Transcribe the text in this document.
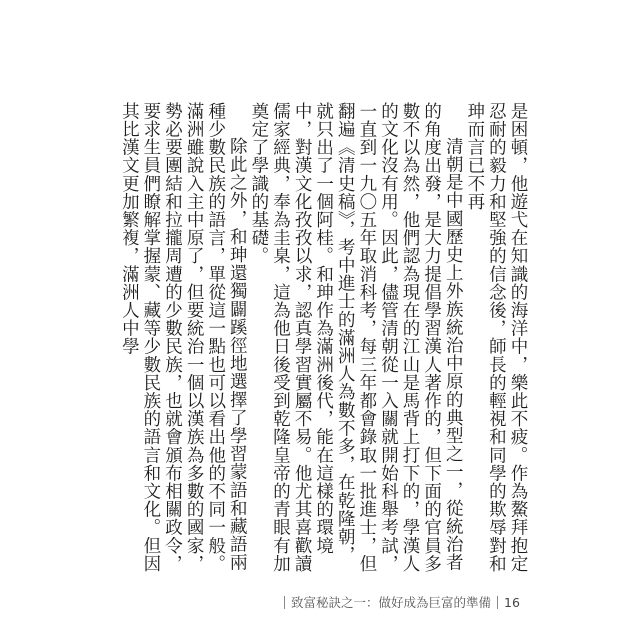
是困頓，他遊弋在知識的海洋中，樂此不疲。作為鰲拜抱定忍耐的毅力和堅強的信念後，師長的輕視和同學的欺辱對和珅而言已不再

清朝是中國歷史上外族統治中原的典型之一，從統治者的角度出發，是大力提倡學習漢人著作的，但下面的官員多數不以為然，他們認為現在的江山是馬背上打下的，學漢人的文化沒有用。因此，儘管清朝從一入關就開始科舉考試，一直到一九〇五年取消科考，每三年都會錄取一批進士，但翻遍《清史稿》，考中進士的滿洲人為數不多，在乾隆朝，就只出了一個阿桂。和珅作為滿洲後代，能在這樣的環境中，對漢文化孜孜以求，認真學習實屬不易。他尤其喜歡讀儒家經典，奉為圭臬，這為他日後受到乾隆皇帝的青眼有加奠定了學識的基礎。

除此之外，和珅還獨闢蹊徑地選擇了學習蒙語和藏語兩種少數民族的語言，單從這一點也可以看出他的不同一般。滿洲雖說入主中原了，但要統治一個以漢族為多數的國家，勢必要團結和拉攏周遭的少數民族，也就會頒布相關政令，要求生員們瞭解掌握蒙、藏等少數民族的語言和文化。但因其比漢文更加繁複，滿洲人中學

致富秘訣之一：做好成為巨富的準備 16
